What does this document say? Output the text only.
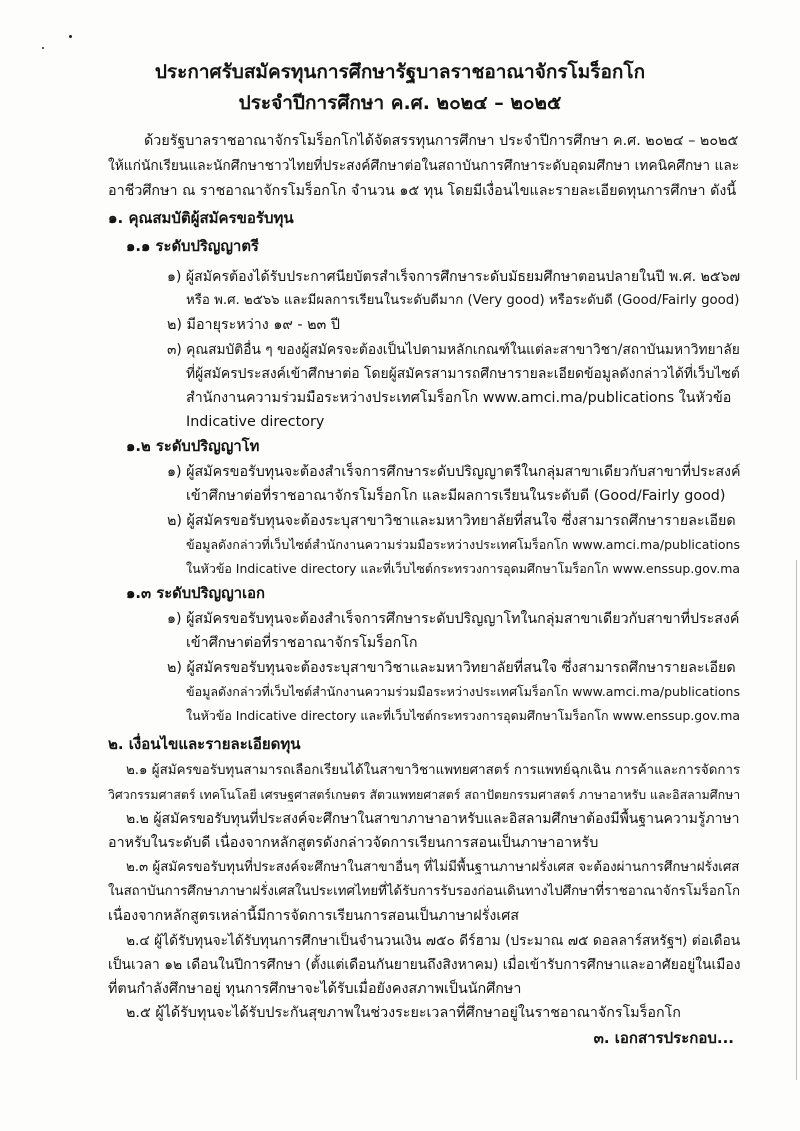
ประกาศรับสมัครทุนการศึกษารัฐบาลราชอาณาจักรโมร็อกโก
ประจำปีการศึกษา ค.ศ. ๒๐๒๔ – ๒๐๒๕
ด้วยรัฐบาลราชอาณาจักรโมร็อกโกได้จัดสรรทุนการศึกษา ประจำปีการศึกษา ค.ศ. ๒๐๒๔ – ๒๐๒๕
ให้แก่นักเรียนและนักศึกษาชาวไทยที่ประสงค์ศึกษาต่อในสถาบันการศึกษาระดับอุดมศึกษา เทคนิคศึกษา และ
อาชีวศึกษา ณ ราชอาณาจักรโมร็อกโก จำนวน ๑๕ ทุน โดยมีเงื่อนไขและรายละเอียดทุนการศึกษา ดังนี้
๑. คุณสมบัติผู้สมัครขอรับทุน
๑.๑ ระดับปริญญาตรี
๑) ผู้สมัครต้องได้รับประกาศนียบัตรสำเร็จการศึกษาระดับมัธยมศึกษาตอนปลายในปี พ.ศ. ๒๕๖๗
หรือ พ.ศ. ๒๕๖๖ และมีผลการเรียนในระดับดีมาก (Very good) หรือระดับดี (Good/Fairly good)
๒) มีอายุระหว่าง ๑๙ - ๒๓ ปี
๓) คุณสมบัติอื่น ๆ ของผู้สมัครจะต้องเป็นไปตามหลักเกณฑ์ในแต่ละสาขาวิชา/สถาบันมหาวิทยาลัย
ที่ผู้สมัครประสงค์เข้าศึกษาต่อ โดยผู้สมัครสามารถศึกษารายละเอียดข้อมูลดังกล่าวได้ที่เว็บไซต์
สำนักงานความร่วมมือระหว่างประเทศโมร็อกโก www.amci.ma/publications ในหัวข้อ
Indicative directory
๑.๒ ระดับปริญญาโท
๑) ผู้สมัครขอรับทุนจะต้องสำเร็จการศึกษาระดับปริญญาตรีในกลุ่มสาขาเดียวกับสาขาที่ประสงค์
เข้าศึกษาต่อที่ราชอาณาจักรโมร็อกโก และมีผลการเรียนในระดับดี (Good/Fairly good)
๒) ผู้สมัครขอรับทุนจะต้องระบุสาขาวิชาและมหาวิทยาลัยที่สนใจ ซึ่งสามารถศึกษารายละเอียด
ข้อมูลดังกล่าวที่เว็บไซต์สำนักงานความร่วมมือระหว่างประเทศโมร็อกโก www.amci.ma/publications
ในหัวข้อ Indicative directory และที่เว็บไซต์กระทรวงการอุดมศึกษาโมร็อกโก www.enssup.gov.ma
๑.๓ ระดับปริญญาเอก
๑) ผู้สมัครขอรับทุนจะต้องสำเร็จการศึกษาระดับปริญญาโทในกลุ่มสาขาเดียวกับสาขาที่ประสงค์
เข้าศึกษาต่อที่ราชอาณาจักรโมร็อกโก
๒) ผู้สมัครขอรับทุนจะต้องระบุสาขาวิชาและมหาวิทยาลัยที่สนใจ ซึ่งสามารถศึกษารายละเอียด
ข้อมูลดังกล่าวที่เว็บไซต์สำนักงานความร่วมมือระหว่างประเทศโมร็อกโก www.amci.ma/publications
ในหัวข้อ Indicative directory และที่เว็บไซต์กระทรวงการอุดมศึกษาโมร็อกโก www.enssup.gov.ma
๒. เงื่อนไขและรายละเอียดทุน
๒.๑ ผู้สมัครขอรับทุนสามารถเลือกเรียนได้ในสาขาวิชาแพทยศาสตร์ การแพทย์ฉุกเฉิน การค้าและการจัดการ
วิศวกรรมศาสตร์ เทคโนโลยี เศรษฐศาสตร์เกษตร สัตวแพทยศาสตร์ สถาปัตยกรรมศาสตร์ ภาษาอาหรับ และอิสลามศึกษา
๒.๒ ผู้สมัครขอรับทุนที่ประสงค์จะศึกษาในสาขาภาษาอาหรับและอิสลามศึกษาต้องมีพื้นฐานความรู้ภาษา
อาหรับในระดับดี เนื่องจากหลักสูตรดังกล่าวจัดการเรียนการสอนเป็นภาษาอาหรับ
๒.๓ ผู้สมัครขอรับทุนที่ประสงค์จะศึกษาในสาขาอื่นๆ ที่ไม่มีพื้นฐานภาษาฝรั่งเศส จะต้องผ่านการศึกษาฝรั่งเศส
ในสถาบันการศึกษาภาษาฝรั่งเศสในประเทศไทยที่ได้รับการรับรองก่อนเดินทางไปศึกษาที่ราชอาณาจักรโมร็อกโก
เนื่องจากหลักสูตรเหล่านี้มีการจัดการเรียนการสอนเป็นภาษาฝรั่งเศส
๒.๔ ผู้ได้รับทุนจะได้รับทุนการศึกษาเป็นจำนวนเงิน ๗๕๐ ดีร์ฮาม (ประมาณ ๗๕ ดอลลาร์สหรัฐฯ) ต่อเดือน
เป็นเวลา ๑๒ เดือนในปีการศึกษา (ตั้งแต่เดือนกันยายนถึงสิงหาคม) เมื่อเข้ารับการศึกษาและอาศัยอยู่ในเมือง
ที่ตนกำลังศึกษาอยู่ ทุนการศึกษาจะได้รับเมื่อยังคงสภาพเป็นนักศึกษา
๒.๕ ผู้ได้รับทุนจะได้รับประกันสุขภาพในช่วงระยะเวลาที่ศึกษาอยู่ในราชอาณาจักรโมร็อกโก
๓. เอกสารประกอบ...
